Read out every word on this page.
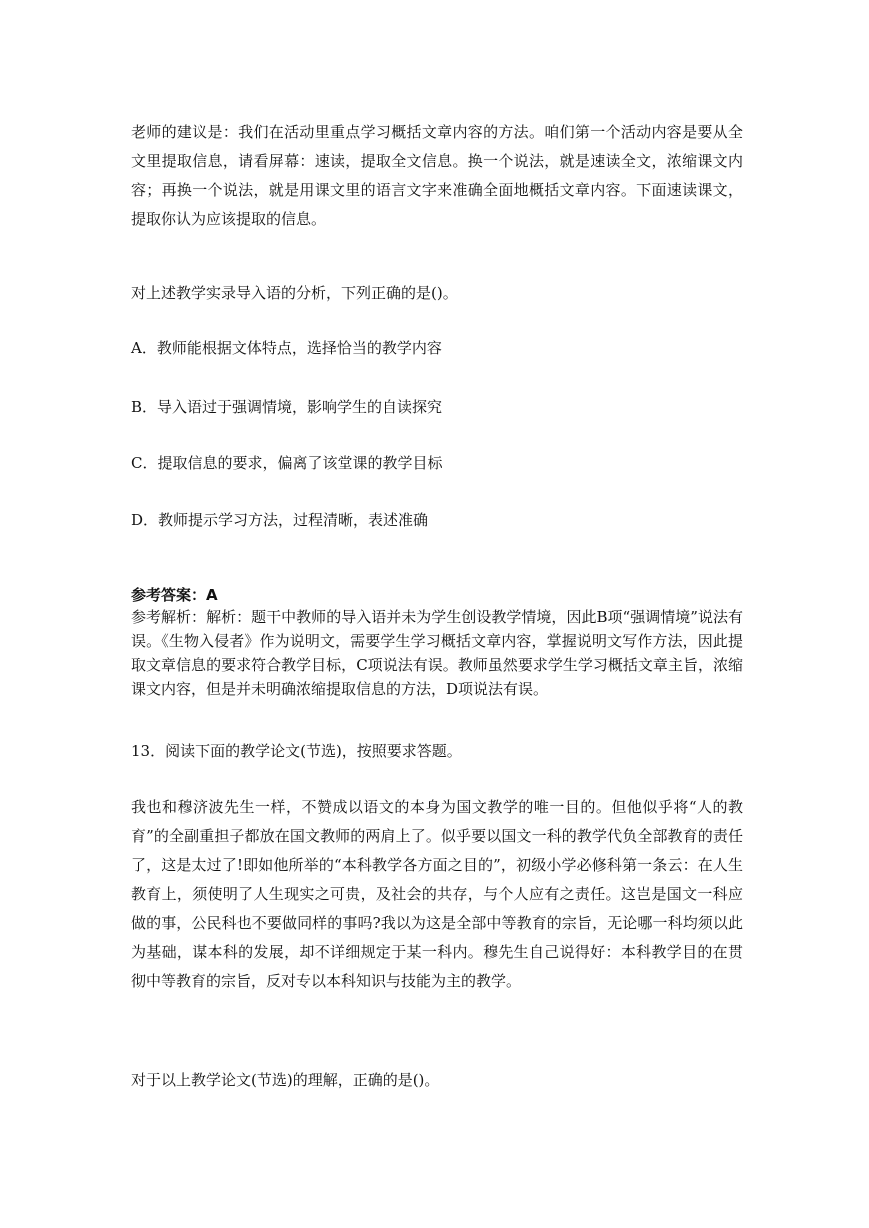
老师的建议是：我们在活动里重点学习概括文章内容的方法。咱们第一个活动内容是要从全文里提取信息，请看屏幕：速读，提取全文信息。换一个说法，就是速读全文，浓缩课文内容；再换一个说法，就是用课文里的语言文字来准确全面地概括文章内容。下面速读课文，提取你认为应该提取的信息。

对上述教学实录导入语的分析，下列正确的是()。

A．教师能根据文体特点，选择恰当的教学内容

B．导入语过于强调情境，影响学生的自读探究

C．提取信息的要求，偏离了该堂课的教学目标

D．教师提示学习方法，过程清晰，表述准确

参考答案：A

参考解析：解析：题干中教师的导入语并未为学生创设教学情境，因此B项“强调情境”说法有误。《生物入侵者》作为说明文，需要学生学习概括文章内容，掌握说明文写作方法，因此提取文章信息的要求符合教学目标，C项说法有误。教师虽然要求学生学习概括文章主旨，浓缩课文内容，但是并未明确浓缩提取信息的方法，D项说法有误。

13．阅读下面的教学论文(节选)，按照要求答题。

我也和穆济波先生一样，不赞成以语文的本身为国文教学的唯一目的。但他似乎将“人的教育”的全副重担子都放在国文教师的两肩上了。似乎要以国文一科的教学代负全部教育的责任了，这是太过了!即如他所举的“本科教学各方面之目的”，初级小学必修科第一条云：在人生教育上，须使明了人生现实之可贵，及社会的共存，与个人应有之责任。这岂是国文一科应做的事，公民科也不要做同样的事吗?我以为这是全部中等教育的宗旨，无论哪一科均须以此为基础，谋本科的发展，却不详细规定于某一科内。穆先生自己说得好：本科教学目的在贯彻中等教育的宗旨，反对专以本科知识与技能为主的教学。

对于以上教学论文(节选)的理解，正确的是()。
